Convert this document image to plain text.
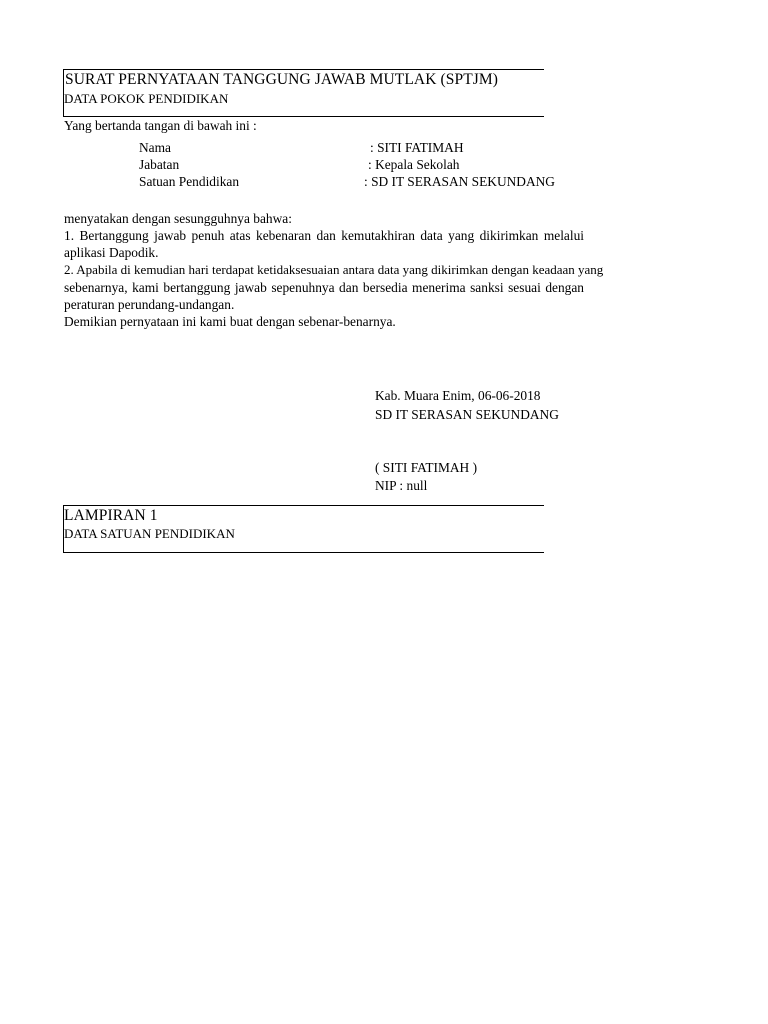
SURAT PERNYATAAN TANGGUNG JAWAB MUTLAK (SPTJM)
DATA POKOK PENDIDIKAN
Yang bertanda tangan di bawah ini :
Nama	: SITI FATIMAH
Jabatan	: Kepala Sekolah
Satuan Pendidikan	: SD IT SERASAN SEKUNDANG
menyatakan dengan sesungguhnya bahwa:
1. Bertanggung jawab penuh atas kebenaran dan kemutakhiran data yang dikirimkan melalui
aplikasi Dapodik.
2. Apabila di kemudian hari terdapat ketidaksesuaian antara data yang dikirimkan dengan keadaan yang
sebenarnya, kami bertanggung jawab sepenuhnya dan bersedia menerima sanksi sesuai dengan
peraturan perundang-undangan.
Demikian pernyataan ini kami buat dengan sebenar-benarnya.
Kab. Muara Enim, 06-06-2018
SD IT SERASAN SEKUNDANG
( SITI FATIMAH )
NIP : null
LAMPIRAN 1
DATA SATUAN PENDIDIKAN
